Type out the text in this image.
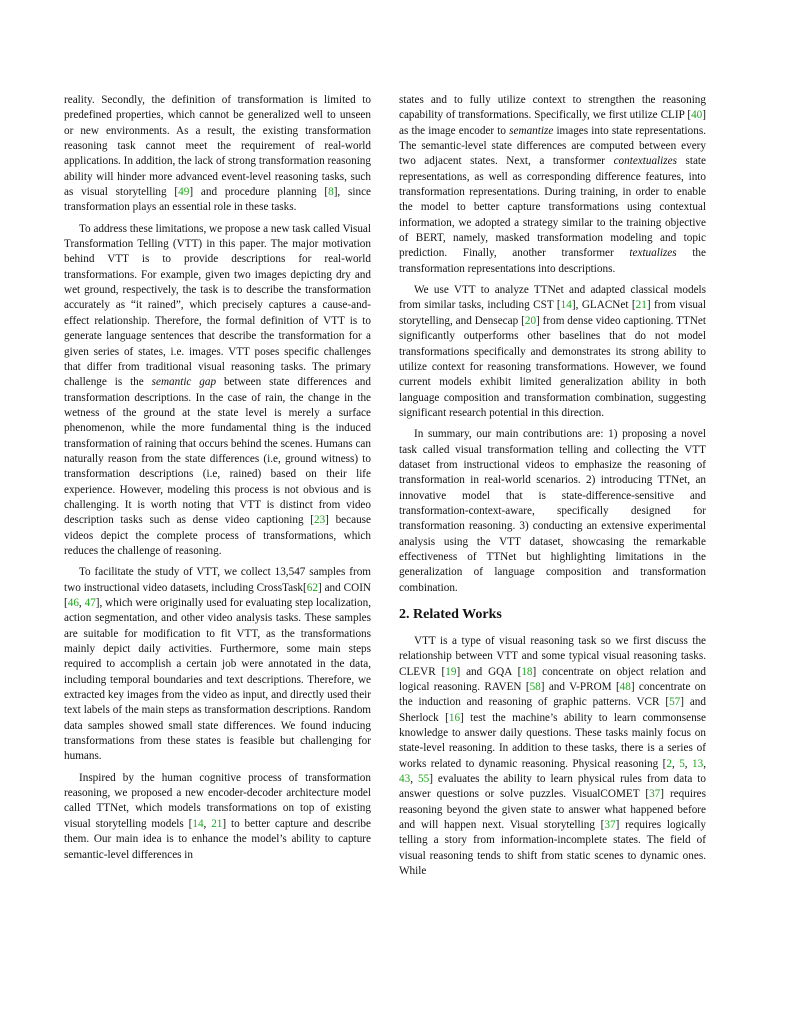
reality. Secondly, the definition of transformation is limited to predefined properties, which cannot be generalized well to unseen or new environments. As a result, the existing transformation reasoning task cannot meet the requirement of real-world applications. In addition, the lack of strong transformation reasoning ability will hinder more advanced event-level reasoning tasks, such as visual storytelling [49] and procedure planning [8], since transformation plays an essential role in these tasks.

To address these limitations, we propose a new task called Visual Transformation Telling (VTT) in this paper. The major motivation behind VTT is to provide descriptions for real-world transformations. For example, given two images depicting dry and wet ground, respectively, the task is to describe the transformation accurately as “it rained”, which precisely captures a cause-and-effect relationship. Therefore, the formal definition of VTT is to generate language sentences that describe the transformation for a given series of states, i.e. images. VTT poses specific challenges that differ from traditional visual reasoning tasks. The primary challenge is the semantic gap between state differences and transformation descriptions. In the case of rain, the change in the wetness of the ground at the state level is merely a surface phenomenon, while the more fundamental thing is the induced transformation of raining that occurs behind the scenes. Humans can naturally reason from the state differences (i.e, ground witness) to transformation descriptions (i.e, rained) based on their life experience. However, modeling this process is not obvious and is challenging. It is worth noting that VTT is distinct from video description tasks such as dense video captioning [23] because videos depict the complete process of transformations, which reduces the challenge of reasoning.

To facilitate the study of VTT, we collect 13,547 samples from two instructional video datasets, including CrossTask[62] and COIN [46, 47], which were originally used for evaluating step localization, action segmentation, and other video analysis tasks. These samples are suitable for modification to fit VTT, as the transformations mainly depict daily activities. Furthermore, some main steps required to accomplish a certain job were annotated in the data, including temporal boundaries and text descriptions. Therefore, we extracted key images from the video as input, and directly used their text labels of the main steps as transformation descriptions. Random data samples showed small state differences. We found inducing transformations from these states is feasible but challenging for humans.

Inspired by the human cognitive process of transformation reasoning, we proposed a new encoder-decoder architecture model called TTNet, which models transformations on top of existing visual storytelling models [14, 21] to better capture and describe them. Our main idea is to enhance the model’s ability to capture semantic-level differences in

states and to fully utilize context to strengthen the reasoning capability of transformations. Specifically, we first utilize CLIP [40] as the image encoder to semantize images into state representations. The semantic-level state differences are computed between every two adjacent states. Next, a transformer contextualizes state representations, as well as corresponding difference features, into transformation representations. During training, in order to enable the model to better capture transformations using contextual information, we adopted a strategy similar to the training objective of BERT, namely, masked transformation modeling and topic prediction. Finally, another transformer textualizes the transformation representations into descriptions.

We use VTT to analyze TTNet and adapted classical models from similar tasks, including CST [14], GLACNet [21] from visual storytelling, and Densecap [20] from dense video captioning. TTNet significantly outperforms other baselines that do not model transformations specifically and demonstrates its strong ability to utilize context for reasoning transformations. However, we found current models exhibit limited generalization ability in both language composition and transformation combination, suggesting significant research potential in this direction.

In summary, our main contributions are: 1) proposing a novel task called visual transformation telling and collecting the VTT dataset from instructional videos to emphasize the reasoning of transformation in real-world scenarios. 2) introducing TTNet, an innovative model that is state-difference-sensitive and transformation-context-aware, specifically designed for transformation reasoning. 3) conducting an extensive experimental analysis using the VTT dataset, showcasing the remarkable effectiveness of TTNet but highlighting limitations in the generalization of language composition and transformation combination.

2. Related Works

VTT is a type of visual reasoning task so we first discuss the relationship between VTT and some typical visual reasoning tasks. CLEVR [19] and GQA [18] concentrate on object relation and logical reasoning. RAVEN [58] and V-PROM [48] concentrate on the induction and reasoning of graphic patterns. VCR [57] and Sherlock [16] test the machine’s ability to learn commonsense knowledge to answer daily questions. These tasks mainly focus on state-level reasoning. In addition to these tasks, there is a series of works related to dynamic reasoning. Physical reasoning [2, 5, 13, 43, 55] evaluates the ability to learn physical rules from data to answer questions or solve puzzles. VisualCOMET [37] requires reasoning beyond the given state to answer what happened before and will happen next. Visual storytelling [37] requires logically telling a story from information-incomplete states. The field of visual reasoning tends to shift from static scenes to dynamic ones. While
